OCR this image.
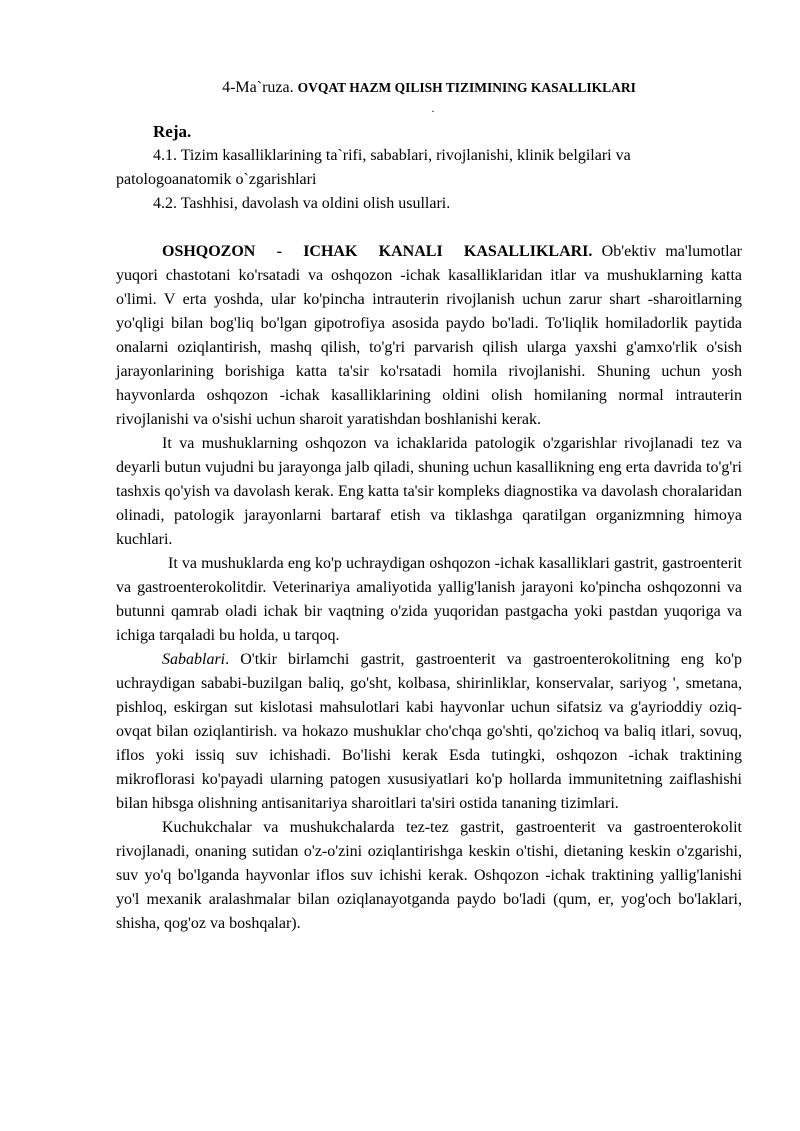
4-Ma`ruza. OVQAT HAZM QILISH TIZIMINING KASALLIKLARI

.

Reja.

4.1. Tizim kasalliklarining ta`rifi, sabablari, rivojlanishi, klinik belgilari va patologoanatomik o`zgarishlari

4.2. Tashhisi, davolash va oldini olish usullari.

OSHQOZON - ICHAK KANALI KASALLIKLARI. Ob'ektiv ma'lumotlar yuqori chastotani ko'rsatadi va oshqozon -ichak kasalliklaridan itlar va mushuklarning katta o'limi. V erta yoshda, ular ko'pincha intrauterin rivojlanish uchun zarur shart -sharoitlarning yo'qligi bilan bog'liq bo'lgan gipotrofiya asosida paydo bo'ladi. To'liqlik homiladorlik paytida onalarni oziqlantirish, mashq qilish, to'g'ri parvarish qilish ularga yaxshi g'amxo'rlik o'sish jarayonlarining borishiga katta ta'sir ko'rsatadi homila rivojlanishi. Shuning uchun yosh hayvonlarda oshqozon -ichak kasalliklarining oldini olish homilaning normal intrauterin rivojlanishi va o'sishi uchun sharoit yaratishdan boshlanishi kerak.

It va mushuklarning oshqozon va ichaklarida patologik o'zgarishlar rivojlanadi tez va deyarli butun vujudni bu jarayonga jalb qiladi, shuning uchun kasallikning eng erta davrida to'g'ri tashxis qo'yish va davolash kerak. Eng katta ta'sir kompleks diagnostika va davolash choralaridan olinadi, patologik jarayonlarni bartaraf etish va tiklashga qaratilgan organizmning himoya kuchlari.

It va mushuklarda eng ko'p uchraydigan oshqozon -ichak kasalliklari gastrit, gastroenterit va gastroenterokolitdir. Veterinariya amaliyotida yallig'lanish jarayoni ko'pincha oshqozonni va butunni qamrab oladi ichak bir vaqtning o'zida yuqoridan pastgacha yoki pastdan yuqoriga va ichiga tarqaladi bu holda, u tarqoq.

Sabablari. O'tkir birlamchi gastrit, gastroenterit va gastroenterokolitning eng ko'p uchraydigan sababi-buzilgan baliq, go'sht, kolbasa, shirinliklar, konservalar, sariyog ', smetana, pishloq, eskirgan sut kislotasi mahsulotlari kabi hayvonlar uchun sifatsiz va g'ayrioddiy oziq-ovqat bilan oziqlantirish. va hokazo mushuklar cho'chqa go'shti, qo'zichoq va baliq itlari, sovuq, iflos yoki issiq suv ichishadi. Bo'lishi kerak Esda tutingki, oshqozon -ichak traktining mikroflorasi ko'payadi ularning patogen xususiyatlari ko'p hollarda immunitetning zaiflashishi bilan hibsga olishning antisanitariya sharoitlari ta'siri ostida tananing tizimlari.

Kuchukchalar va mushukchalarda tez-tez gastrit, gastroenterit va gastroenterokolit rivojlanadi, onaning sutidan o'z-o'zini oziqlantirishga keskin o'tishi, dietaning keskin o'zgarishi, suv yo'q bo'lganda hayvonlar iflos suv ichishi kerak. Oshqozon -ichak traktining yallig'lanishi yo'l mexanik aralashmalar bilan oziqlanayotganda paydo bo'ladi (qum, er, yog'och bo'laklari, shisha, qog'oz va boshqalar).
